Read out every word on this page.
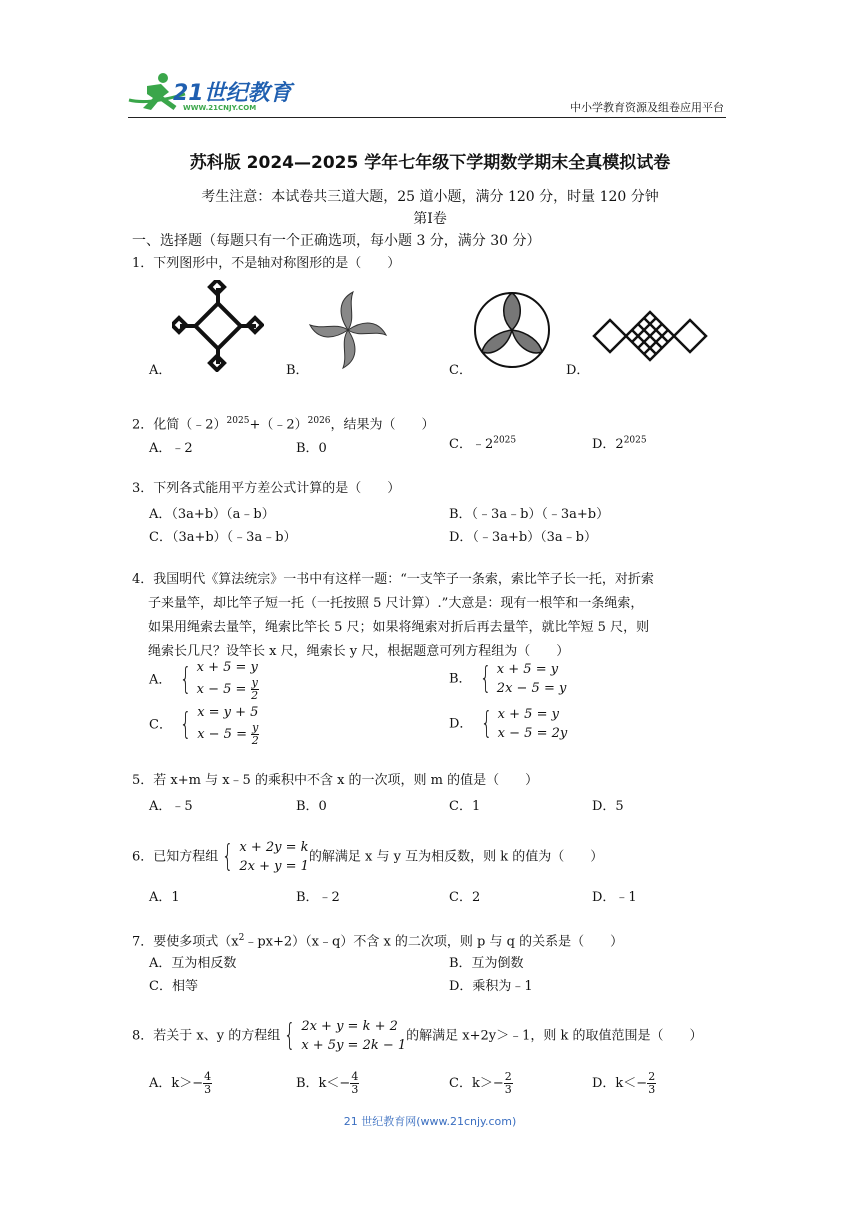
21世纪教育
WWW.21CNJY.COM	中小学教育资源及组卷应用平台
苏科版 2024—2025 学年七年级下学期数学期末全真模拟试卷
考生注意：本试卷共三道大题，25 道小题，满分 120 分，时量 120 分钟
第Ⅰ卷
一、选择题（每题只有一个正确选项，每小题 3 分，满分 30 分）
1．下列图形中，不是轴对称图形的是（　　）
A．	B．	C．	D．
2．化简（﹣2）$^{2025}$+（﹣2）$^{2026}$，结果为（　　）
A．﹣2	B．0	C．$﹣2^{2025}$	D．$2^{2025}$
3．下列各式能用平方差公式计算的是（　　）
A．（3a+b）（a﹣b）	B．（﹣3a﹣b）（﹣3a+b）
C．（3a+b）（﹣3a﹣b）	D．（﹣3a+b）（3a﹣b）
4．我国明代《算法统宗》一书中有这样一题：“一支竿子一条索，索比竿子长一托，对折索
子来量竿，却比竿子短一托（一托按照 5 尺计算）.”大意是：现有一根竿和一条绳索，
如果用绳索去量竿，绳索比竿长 5 尺；如果将绳索对折后再去量竿，就比竿短 5 尺，则
绳索长几尺？设竿长 x 尺，绳索长 y 尺，根据题意可列方程组为（　　）
A． { x + 5 = y
$x - 5 = \frac{y}{2}$	B． { x + 5 = y
2x − 5 = y
C． { x = y + 5
$x - 5 = \frac{y}{2}$	D． { x + 5 = y
x − 5 = 2y
5．若 x+m 与 x﹣5 的乘积中不含 x 的一次项，则 m 的值是（　　）
A．﹣5	B．0	C．1	D．5
6．已知方程组 { x + 2y = k
2x + y = 1
的解满足 x 与 y 互为相反数，则 k 的值为（　　）
A．1	B．﹣2	C．2	D．﹣1
7．要使多项式$(x^2﹣px+2)(x﹣q)$不含 x 的二次项，则 p 与 q 的关系是（　　）
A．互为相反数	B．互为倒数
C．相等	D．乘积为﹣1
8．若关于 x、y 的方程组 { 2x + y = k + 2
x + 5y = 2k − 1
的解满足 x+2y＞﹣1，则 k 的取值范围是（　　）
A．$k>- \frac{4}{3}$	B．$k<- \frac{4}{3}$	C．$k>- \frac{2}{3}$	D．$k<- \frac{2}{3}$
21 世纪教育网(www.21cnjy.com)
